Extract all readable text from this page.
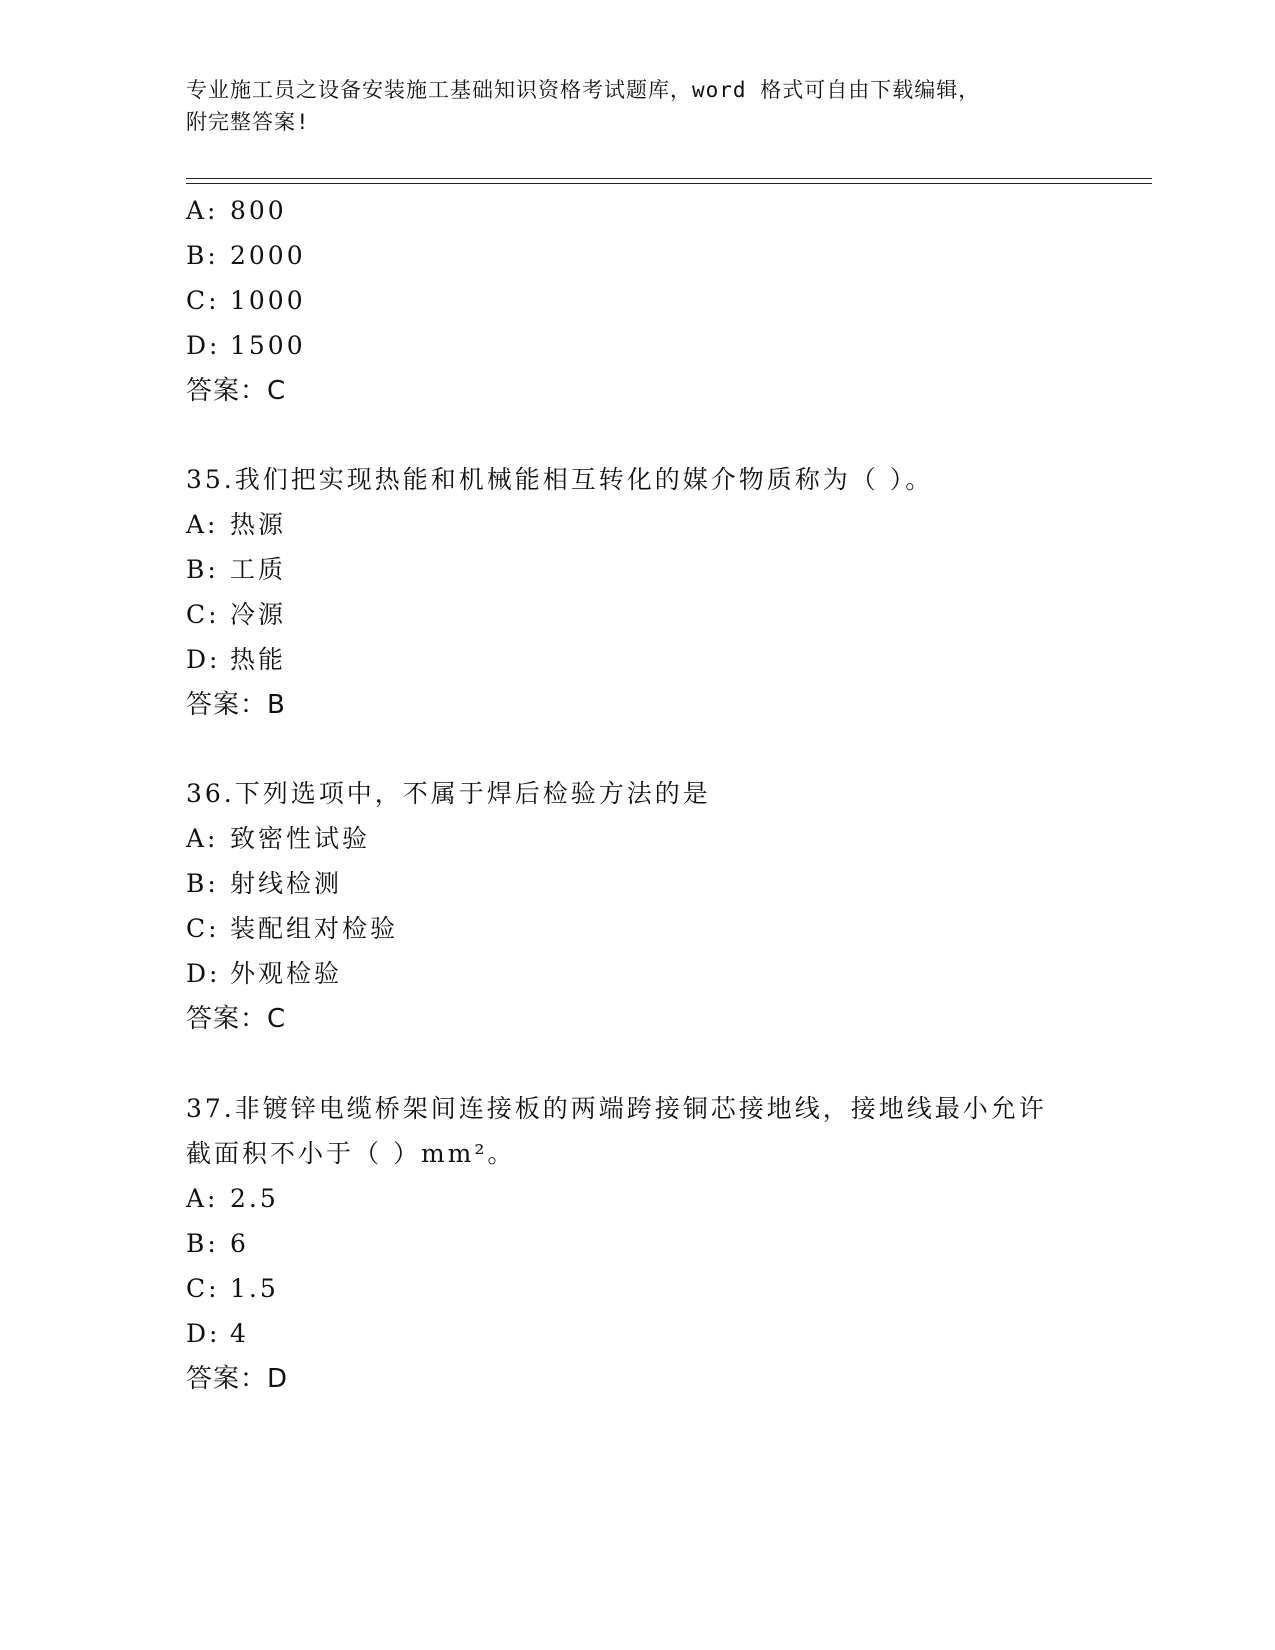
专业施工员之设备安装施工基础知识资格考试题库，word 格式可自由下载编辑，
附完整答案!
A: 800
B: 2000
C: 1000
D: 1500
答案：C
35.我们把实现热能和机械能相互转化的媒介物质称为（ ）。
A: 热源
B: 工质
C: 冷源
D: 热能
答案：B
36.下列选项中，不属于焊后检验方法的是
A: 致密性试验
B: 射线检测
C: 装配组对检验
D: 外观检验
答案：C
37.非镀锌电缆桥架间连接板的两端跨接铜芯接地线，接地线最小允许
截面积不小于（ ）mm²。
A: 2.5
B: 6
C: 1.5
D: 4
答案：D
